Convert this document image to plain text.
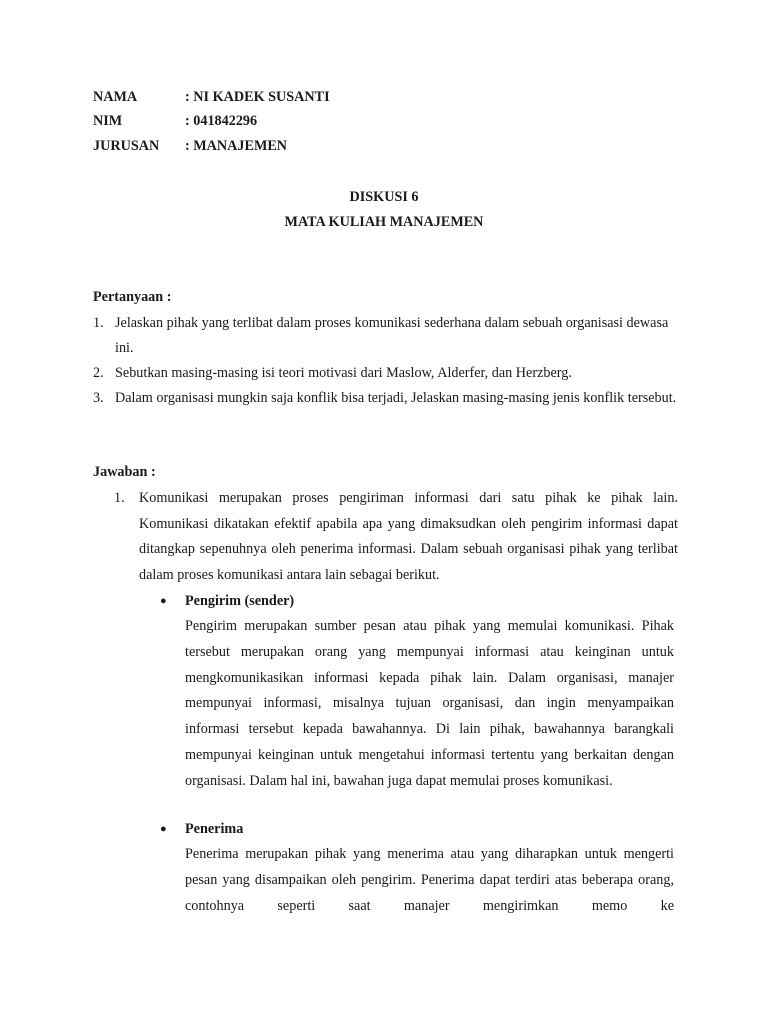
NAMA	: NI KADEK SUSANTI
NIM	: 041842296
JURUSAN : MANAJEMEN
DISKUSI 6
MATA KULIAH MANAJEMEN
Pertanyaan :
1. Jelaskan pihak yang terlibat dalam proses komunikasi sederhana dalam sebuah organisasi dewasa ini.
2. Sebutkan masing-masing isi teori motivasi dari Maslow, Alderfer, dan Herzberg.
3. Dalam organisasi mungkin saja konflik bisa terjadi, Jelaskan masing-masing jenis konflik tersebut.
Jawaban :
1.	Komunikasi merupakan proses pengiriman informasi dari satu pihak ke pihak lain. Komunikasi dikatakan efektif apabila apa yang dimaksudkan oleh pengirim informasi dapat ditangkap sepenuhnya oleh penerima informasi. Dalam sebuah organisasi pihak yang terlibat dalam proses komunikasi antara lain sebagai berikut.
●	Pengirim (sender)
Pengirim merupakan sumber pesan atau pihak yang memulai komunikasi. Pihak tersebut merupakan orang yang mempunyai informasi atau keinginan untuk mengkomunikasikan informasi kepada pihak lain. Dalam organisasi, manajer mempunyai informasi, misalnya tujuan organisasi, dan ingin menyampaikan informasi tersebut kepada bawahannya. Di lain pihak, bawahannya barangkali mempunyai keinginan untuk mengetahui informasi tertentu yang berkaitan dengan organisasi. Dalam hal ini, bawahan juga dapat memulai proses komunikasi.
●	Penerima
Penerima merupakan pihak yang menerima atau yang diharapkan untuk mengerti pesan yang disampaikan oleh pengirim. Penerima dapat terdiri atas beberapa orang, contohnya seperti saat manajer mengirimkan memo ke
